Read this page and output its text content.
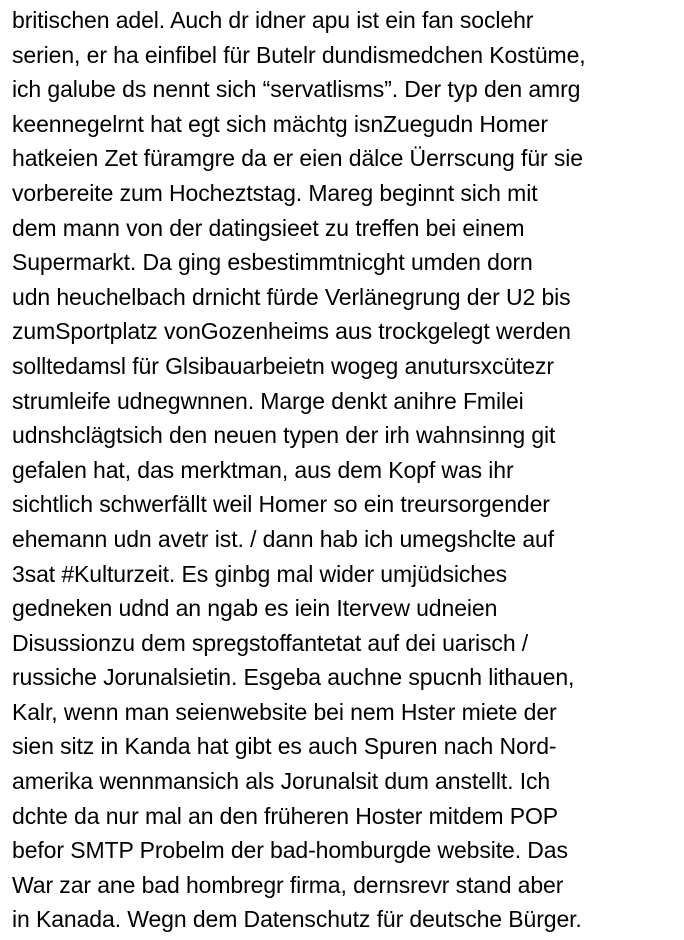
britischen adel. Auch dr idner apu ist ein fan soclehr
serien, er ha einfibel für Butelr dundismedchen Kostüme,
ich galube ds nennt sich “servatlisms”. Der typ den amrg
keennegelrnt hat egt sich mächtg isnZuegudn Homer
hatkeien Zet füramgre da er eien dälce Üerrscung für sie
vorbereite zum Hocheztstag. Mareg beginnt sich mit
dem mann von der datingsieet zu treffen bei einem
Supermarkt. Da ging esbestimmtnicght umden dorn
udn heuchelbach drnicht fürde Verlänegrung der U2 bis
zumSportplatz vonGozenheims aus trockgelegt werden
solltedamsl für Glsibauarbeietn wogeg anutursхcütezr
strumleife udnegwnnen. Marge denkt anihre Fmilei
udnshclägtsich den neuen typen der irh wahnsinng git
gefalen hat, das merktman, aus dem Kopf was ihr
sichtlich schwerfällt weil Homer so ein treursorgender
ehemann udn avetr ist. / dann hab ich umegshclte auf
3sat #Kulturzeit. Es ginbg mal wider umjüdsiches
gedneken udnd an ngab es iein Itervew udneien
Disussionzu dem spregstoffantetat auf dei uarisch /
russiche Jorunalsietin. Esgeba auchne spucnh lithauen,
Kalr, wenn man seienwebsite bei nem Hster miete der
sien sitz in Kanda hat gibt es auch Spuren nach Nord-
amerika wennmansich als Jorunalsit dum anstellt. Ich
dchte da nur mal an den früheren Hoster mitdem POP
befor SMTP Probelm der bad-homburgde website. Das
War zar ane bad hombregr firma, dernsrevr stand aber
in Kanada. Wegn dem Datenschutz für deutsche Bürger.
